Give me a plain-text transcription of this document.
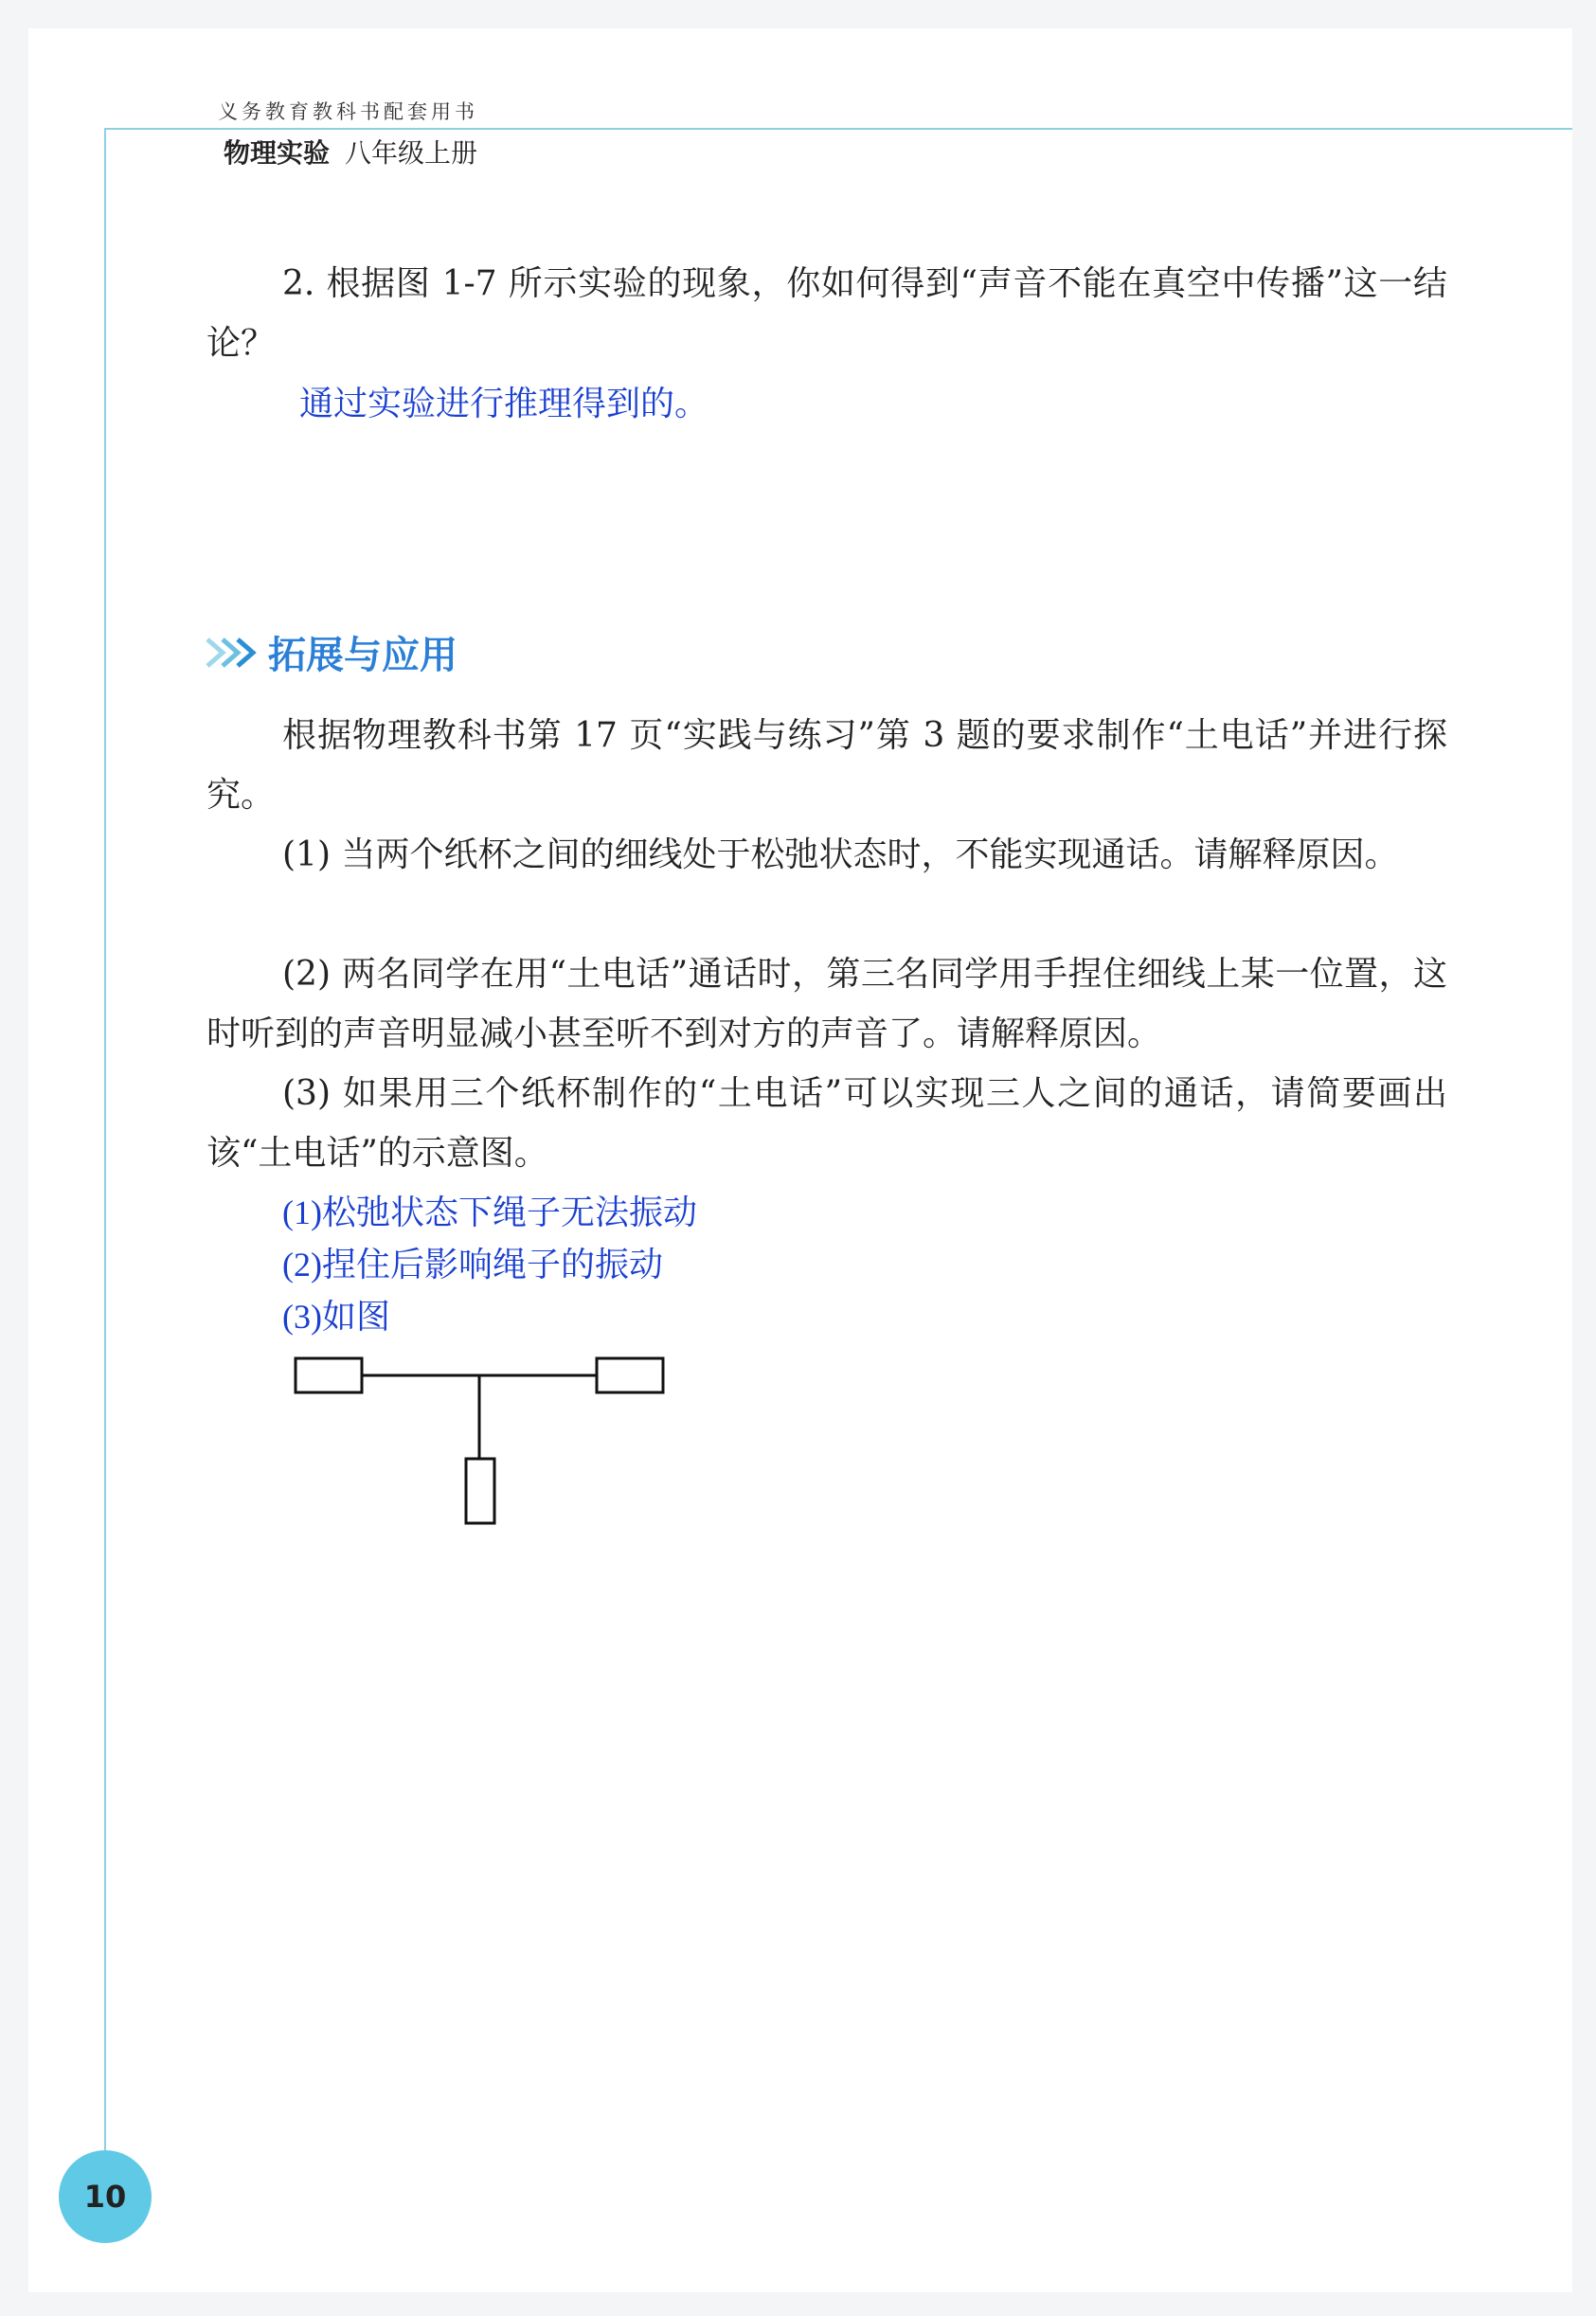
义务教育教科书配套用书
物理实验 八年级上册
2. 根据图 1-7 所示实验的现象，你如何得到“声音不能在真空中传播”这一结论？
通过实验进行推理得到的。
拓展与应用
根据物理教科书第 17 页“实践与练习”第 3 题的要求制作“土电话”并进行探究。
(1) 当两个纸杯之间的细线处于松弛状态时，不能实现通话。请解释原因。
(2) 两名同学在用“土电话”通话时，第三名同学用手捏住细线上某一位置，这时听到的声音明显减小甚至听不到对方的声音了。请解释原因。
(3) 如果用三个纸杯制作的“土电话”可以实现三人之间的通话，请简要画出该“土电话”的示意图。
(1)松弛状态下绳子无法振动
(2)捏住后影响绳子的振动
(3)如图
10
